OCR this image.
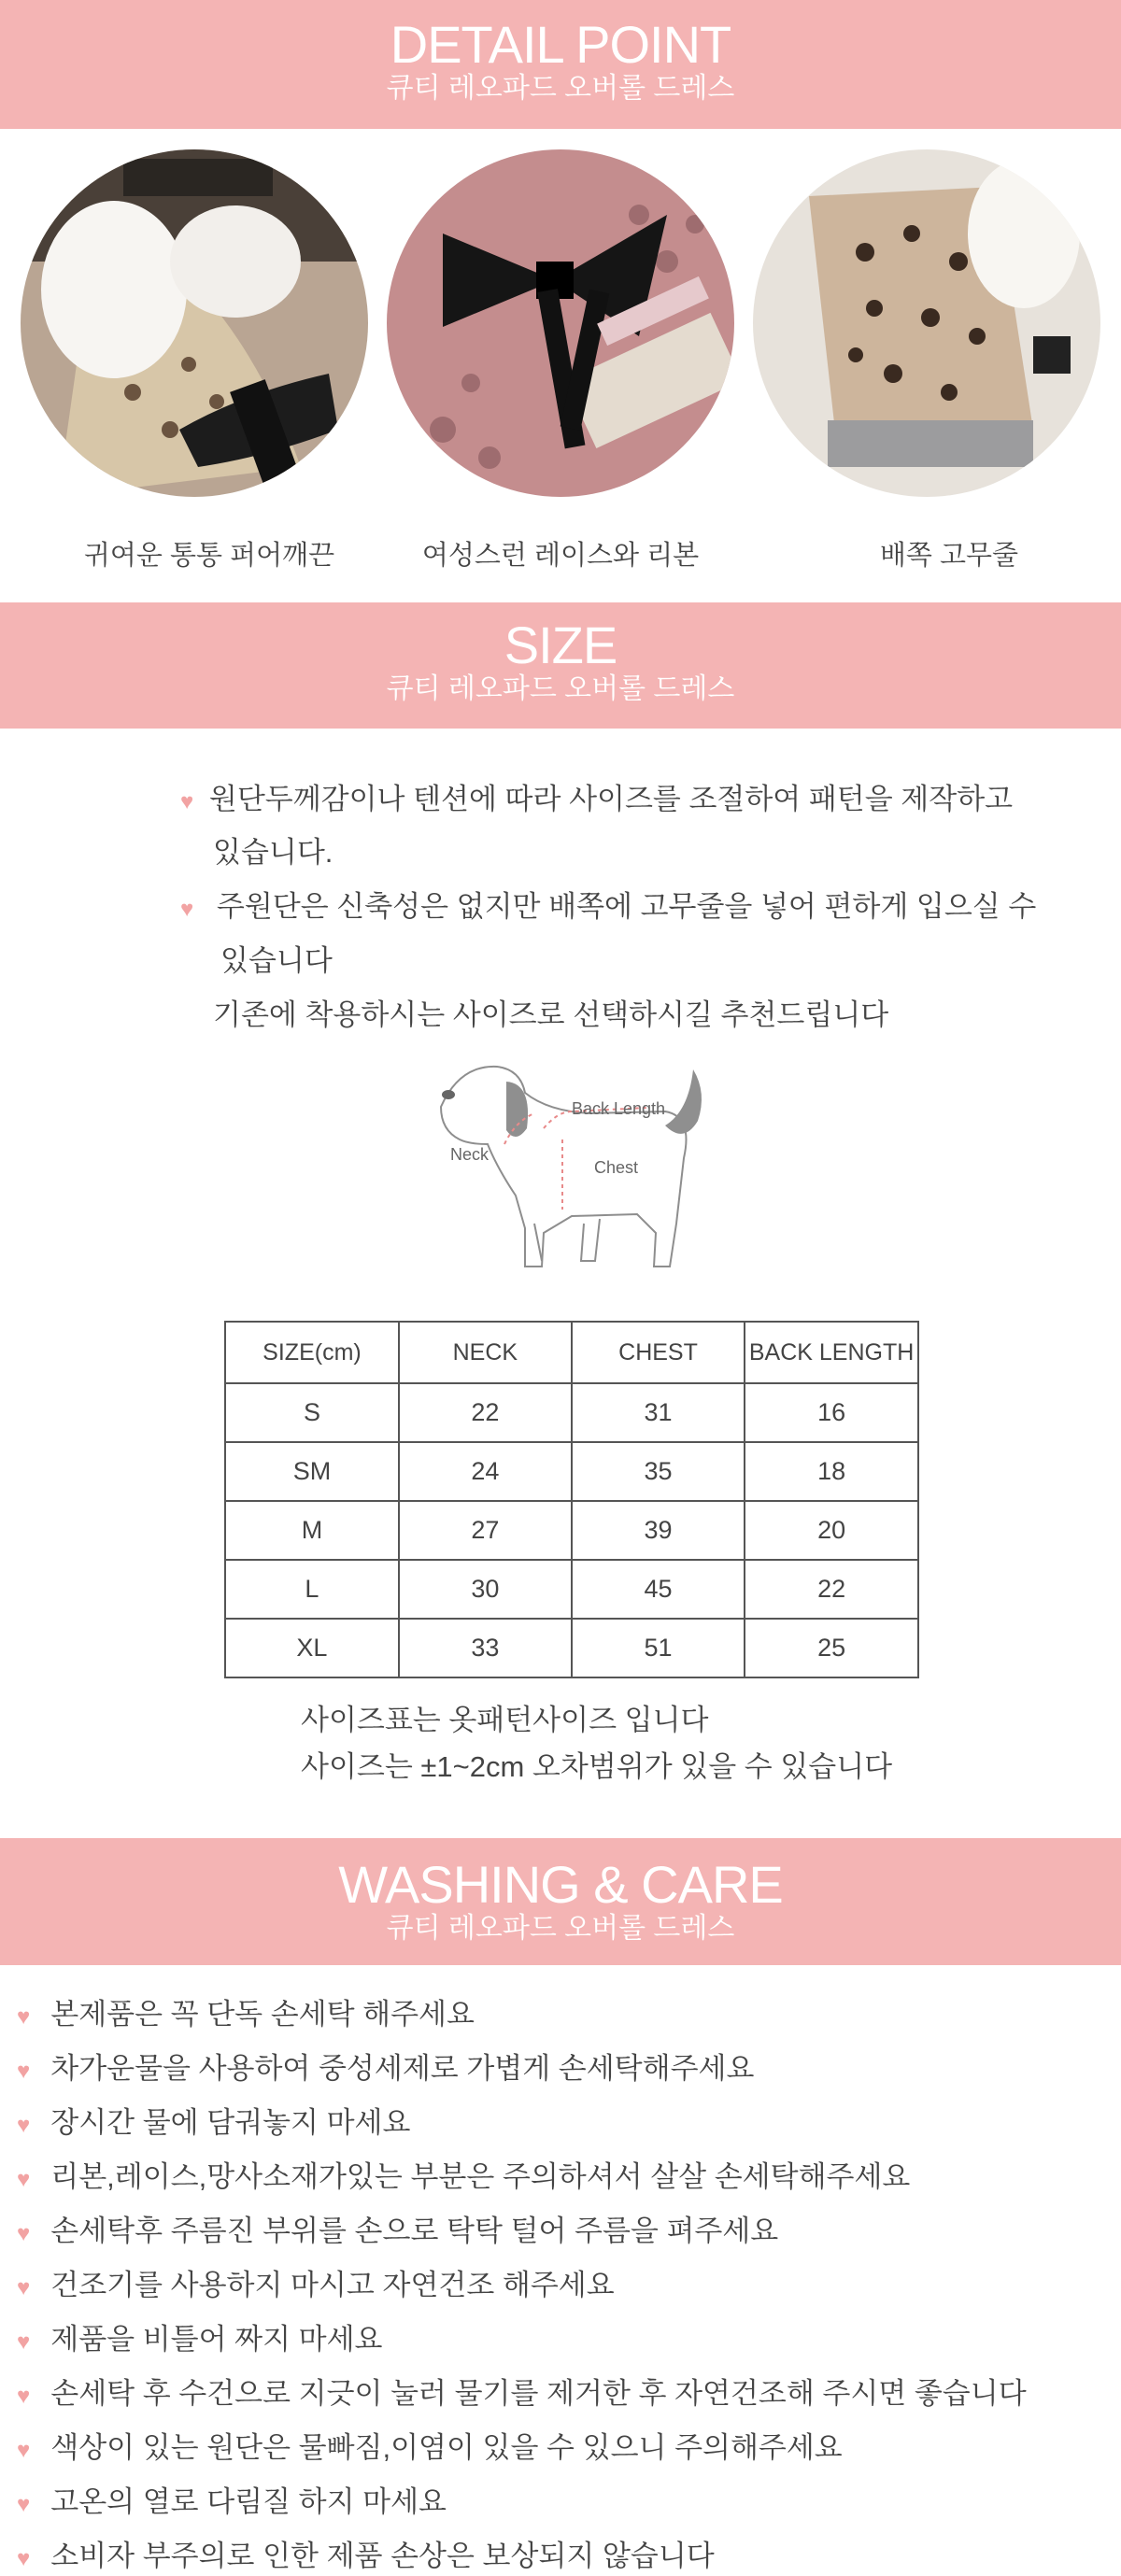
DETAIL POINT
큐티 레오파드 오버롤 드레스
귀여운 통통 퍼어깨끈	여성스런 레이스와 리본	배쪽 고무줄
SIZE
큐티 레오파드 오버롤 드레스
♥ 원단두께감이나 텐션에 따라 사이즈를 조절하여 패턴을 제작하고
있습니다.
♥ 주원단은 신축성은 없지만 배쪽에 고무줄을 넣어 편하게 입으실 수
있습니다
기존에 착용하시는 사이즈로 선택하시길 추천드립니다
Back Length
Neck
Chest
SIZE(cm)	NECK	CHEST	BACK LENGTH
S	22	31	16
SM	24	35	18
M	27	39	20
L	30	45	22
XL	33	51	25
사이즈표는 옷패턴사이즈 입니다
사이즈는 ±1~2cm 오차범위가 있을 수 있습니다
WASHING & CARE
큐티 레오파드 오버롤 드레스
♥ 본제품은 꼭 단독 손세탁 해주세요
♥ 차가운물을 사용하여 중성세제로 가볍게 손세탁해주세요
♥ 장시간 물에 담궈놓지 마세요
♥ 리본,레이스,망사소재가있는 부분은 주의하셔서 살살 손세탁해주세요
♥ 손세탁후 주름진 부위를 손으로 탁탁 털어 주름을 펴주세요
♥ 건조기를 사용하지 마시고 자연건조 해주세요
♥ 제품을 비틀어 짜지 마세요
♥ 손세탁 후 수건으로 지긋이 눌러 물기를 제거한 후 자연건조해 주시면 좋습니다
♥ 색상이 있는 원단은 물빠짐,이염이 있을 수 있으니 주의해주세요
♥ 고온의 열로 다림질 하지 마세요
♥ 소비자 부주의로 인한 제품 손상은 보상되지 않습니다
